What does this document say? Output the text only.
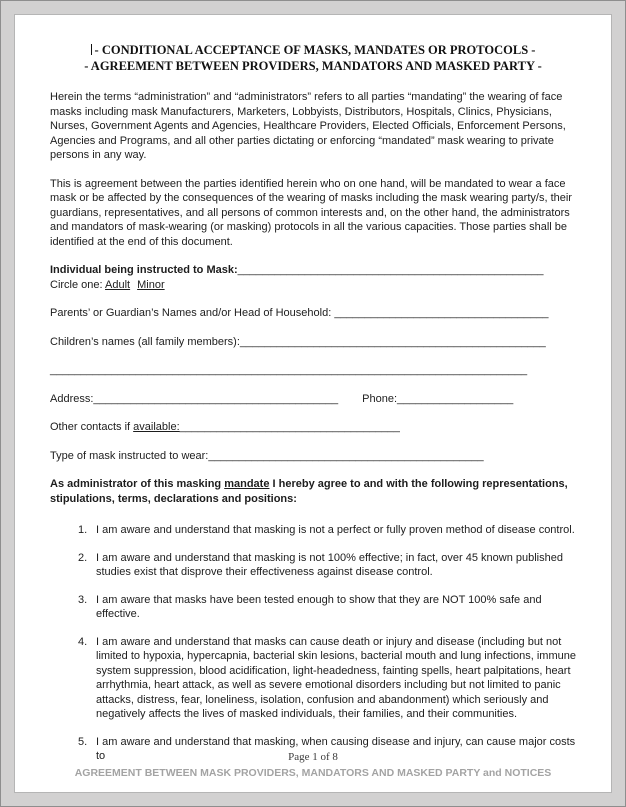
- CONDITIONAL ACCEPTANCE OF MASKS, MANDATES OR PROTOCOLS -
- AGREEMENT BETWEEN PROVIDERS, MANDATORS AND MASKED PARTY -

Herein the terms “administration” and “administrators” refers to all parties “mandating” the wearing of face masks including mask Manufacturers, Marketers, Lobbyists, Distributors, Hospitals, Clinics, Physicians, Nurses, Government Agents and Agencies, Healthcare Providers, Elected Officials, Enforcement Persons, Agencies and Programs, and all other parties dictating or enforcing “mandated” mask wearing to private persons in any way.

This is agreement between the parties identified herein who on one hand, will be mandated to wear a face mask or be affected by the consequences of the wearing of masks including the mask wearing party/s, their guardians, representatives, and all persons of common interests and, on the other hand, the administrators and mandators of mask-wearing (or masking) protocols in all the various capacities. Those parties shall be identified at the end of this document.

Individual being instructed to Mask:__________________________________________________

Circle one: Adult Minor

Parents’ or Guardian’s Names and/or Head of Household: ___________________________________

Children’s names (all family members):__________________________________________________

______________________________________________________________________________

Address:________________________________________ Phone:___________________

Other contacts if available:____________________________________

Type of mask instructed to wear:_____________________________________________

As administrator of this masking mandate I hereby agree to and with the following representations, stipulations, terms, declarations and positions:

1. I am aware and understand that masking is not a perfect or fully proven method of disease control.
2. I am aware and understand that masking is not 100% effective; in fact, over 45 known published studies exist that disprove their effectiveness against disease control.
3. I am aware that masks have been tested enough to show that they are NOT 100% safe and effective.
4. I am aware and understand that masks can cause death or injury and disease (including but not limited to hypoxia, hypercapnia, bacterial skin lesions, bacterial mouth and lung infections, immune system suppression, blood acidification, light-headedness, fainting spells, heart palpitations, heart arrhythmia, heart attack, as well as severe emotional disorders including but not limited to panic attacks, distress, fear, loneliness, isolation, confusion and abandonment) which seriously and negatively affects the lives of masked individuals, their families, and their communities.
5. I am aware and understand that masking, when causing disease and injury, can cause major costs to	Page 1 of 8

AGREEMENT BETWEEN MASK PROVIDERS, MANDATORS AND MASKED PARTY and NOTICES
